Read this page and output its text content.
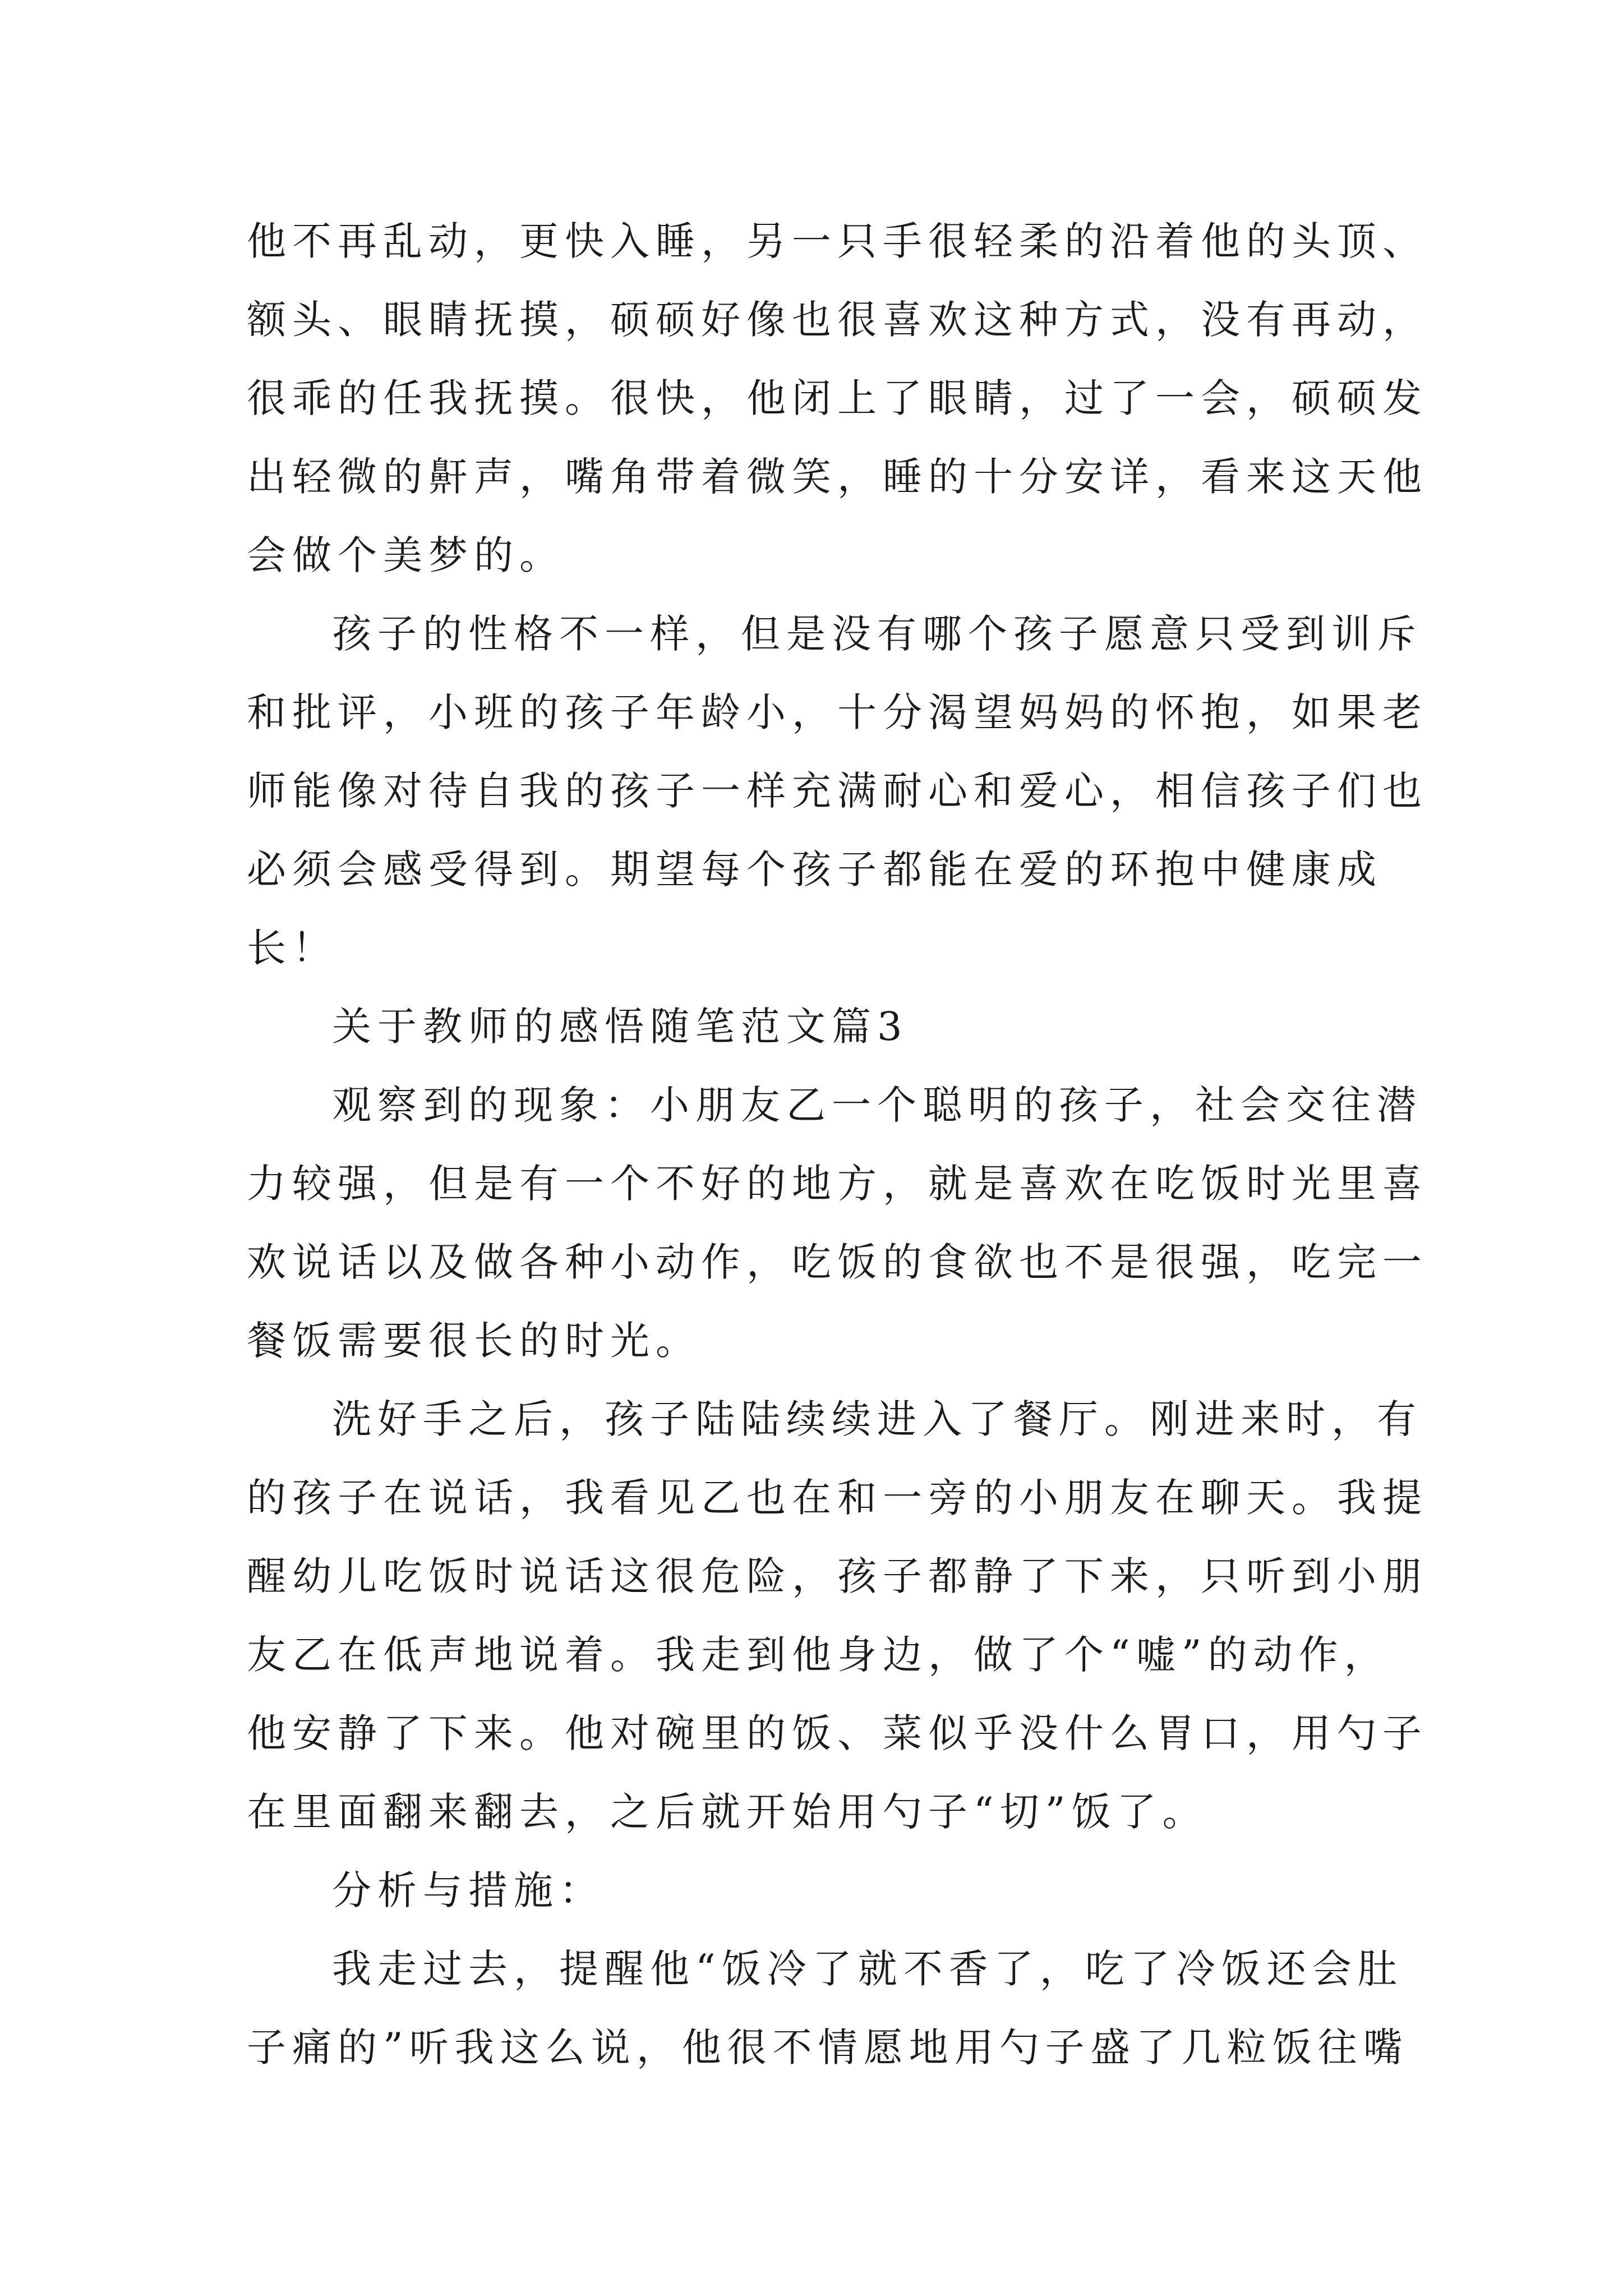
他不再乱动，更快入睡，另一只手很轻柔的沿着他的头顶、
额头、眼睛抚摸，硕硕好像也很喜欢这种方式，没有再动，
很乖的任我抚摸。很快，他闭上了眼睛，过了一会，硕硕发
出轻微的鼾声，嘴角带着微笑，睡的十分安详，看来这天他
会做个美梦的。
孩子的性格不一样，但是没有哪个孩子愿意只受到训斥
和批评，小班的孩子年龄小，十分渴望妈妈的怀抱，如果老
师能像对待自我的孩子一样充满耐心和爱心，相信孩子们也
必须会感受得到。期望每个孩子都能在爱的环抱中健康成
长！
关于教师的感悟随笔范文篇3
观察到的现象：小朋友乙一个聪明的孩子，社会交往潜
力较强，但是有一个不好的地方，就是喜欢在吃饭时光里喜
欢说话以及做各种小动作，吃饭的食欲也不是很强，吃完一
餐饭需要很长的时光。
洗好手之后，孩子陆陆续续进入了餐厅。刚进来时，有
的孩子在说话，我看见乙也在和一旁的小朋友在聊天。我提
醒幼儿吃饭时说话这很危险，孩子都静了下来，只听到小朋
友乙在低声地说着。我走到他身边，做了个“嘘”的动作，
他安静了下来。他对碗里的饭、菜似乎没什么胃口，用勺子
在里面翻来翻去，之后就开始用勺子“切”饭了。
分析与措施：
我走过去，提醒他“饭冷了就不香了，吃了冷饭还会肚
子痛的”听我这么说，他很不情愿地用勺子盛了几粒饭往嘴
